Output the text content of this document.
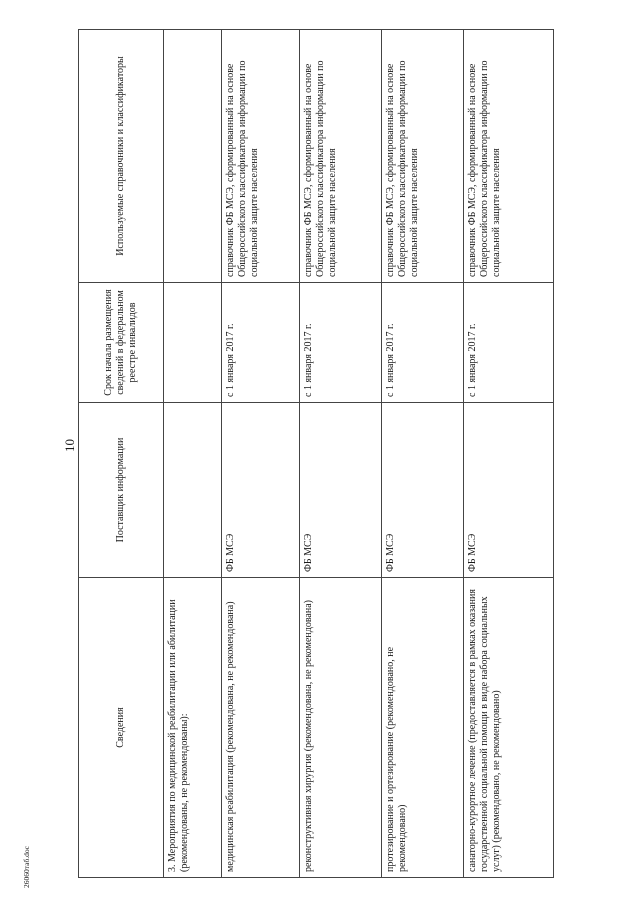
10
26060таб.doc
Сведения	Поставщик информации	Срок начала размещения сведений в федеральном реестре инвалидов	Используемые справочники и классификаторы
3. Мероприятия по медицинской реабилитации или абилитации (рекомендованы, не рекомендованы):			
медицинская реабилитация (рекомендована, не рекомендована)	ФБ МСЭ	с 1 января 2017 г.	справочник ФБ МСЭ, сформированный на основе Общероссийского классификатора информации по социальной защите населения
реконструктивная хирургия (рекомендована, не рекомендована)	ФБ МСЭ	с 1 января 2017 г.	справочник ФБ МСЭ, сформированный на основе Общероссийского классификатора информации по социальной защите населения
протезирование и ортезирование (рекомендовано, не рекомендовано)	ФБ МСЭ	с 1 января 2017 г.	справочник ФБ МСЭ, сформированный на основе Общероссийского классификатора информации по социальной защите населения
санаторно-курортное лечение (предоставляется в рамках оказания государственной социальной помощи в виде набора социальных услуг) (рекомендовано, не рекомендовано)	ФБ МСЭ	с 1 января 2017 г.	справочник ФБ МСЭ, сформированный на основе Общероссийского классификатора информации по социальной защите населения
